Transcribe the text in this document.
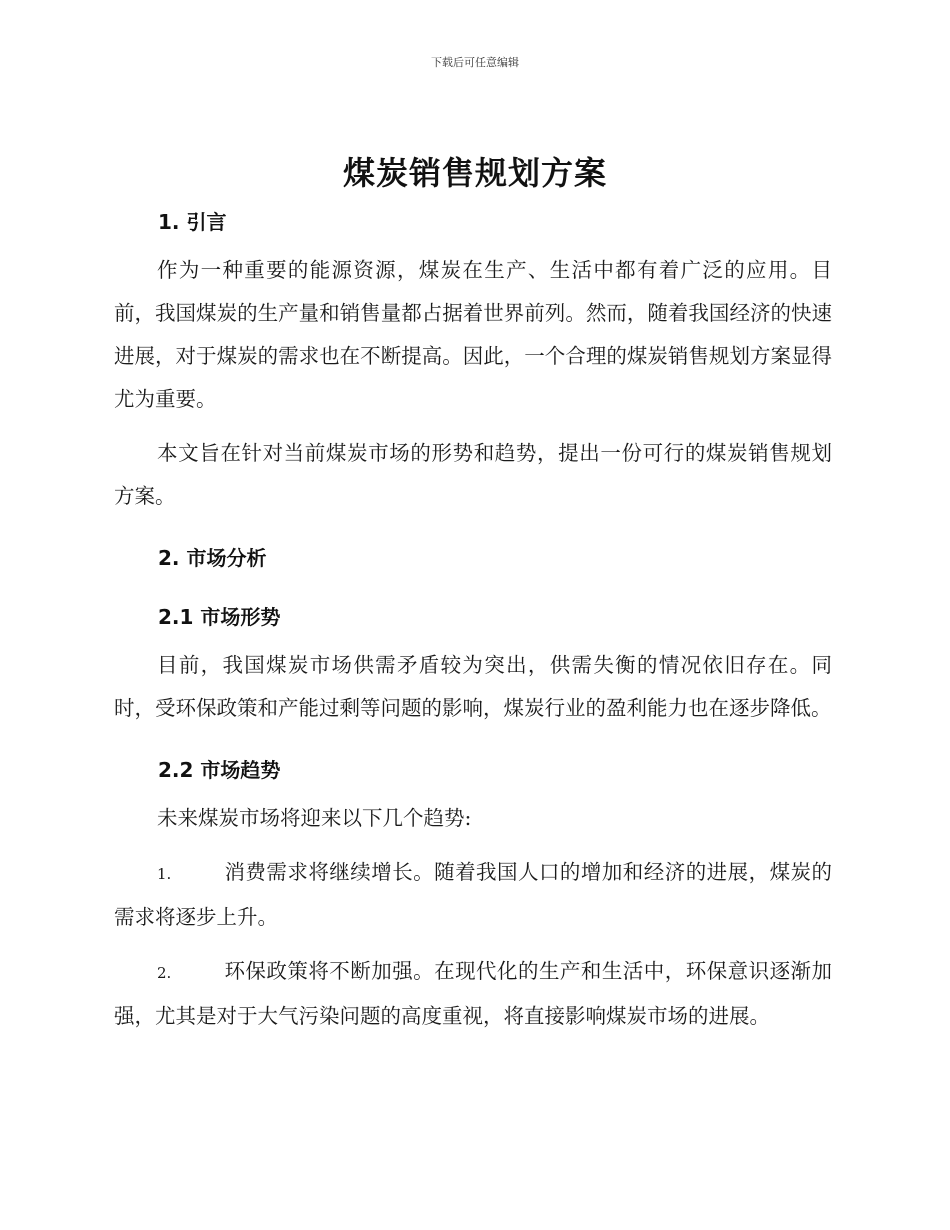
下载后可任意编辑
煤炭销售规划方案

1. 引言

作为一种重要的能源资源，煤炭在生产、生活中都有着广泛的应用。目前，我国煤炭的生产量和销售量都占据着世界前列。然而，随着我国经济的快速进展，对于煤炭的需求也在不断提高。因此，一个合理的煤炭销售规划方案显得尤为重要。

本文旨在针对当前煤炭市场的形势和趋势，提出一份可行的煤炭销售规划方案。

2. 市场分析

2.1 市场形势

目前，我国煤炭市场供需矛盾较为突出，供需失衡的情况依旧存在。同时，受环保政策和产能过剩等问题的影响，煤炭行业的盈利能力也在逐步降低。

2.2 市场趋势

未来煤炭市场将迎来以下几个趋势:

1.	消费需求将继续增长。随着我国人口的增加和经济的进展，煤炭的需求将逐步上升。

2.	环保政策将不断加强。在现代化的生产和生活中，环保意识逐渐加强，尤其是对于大气污染问题的高度重视，将直接影响煤炭市场的进展。
